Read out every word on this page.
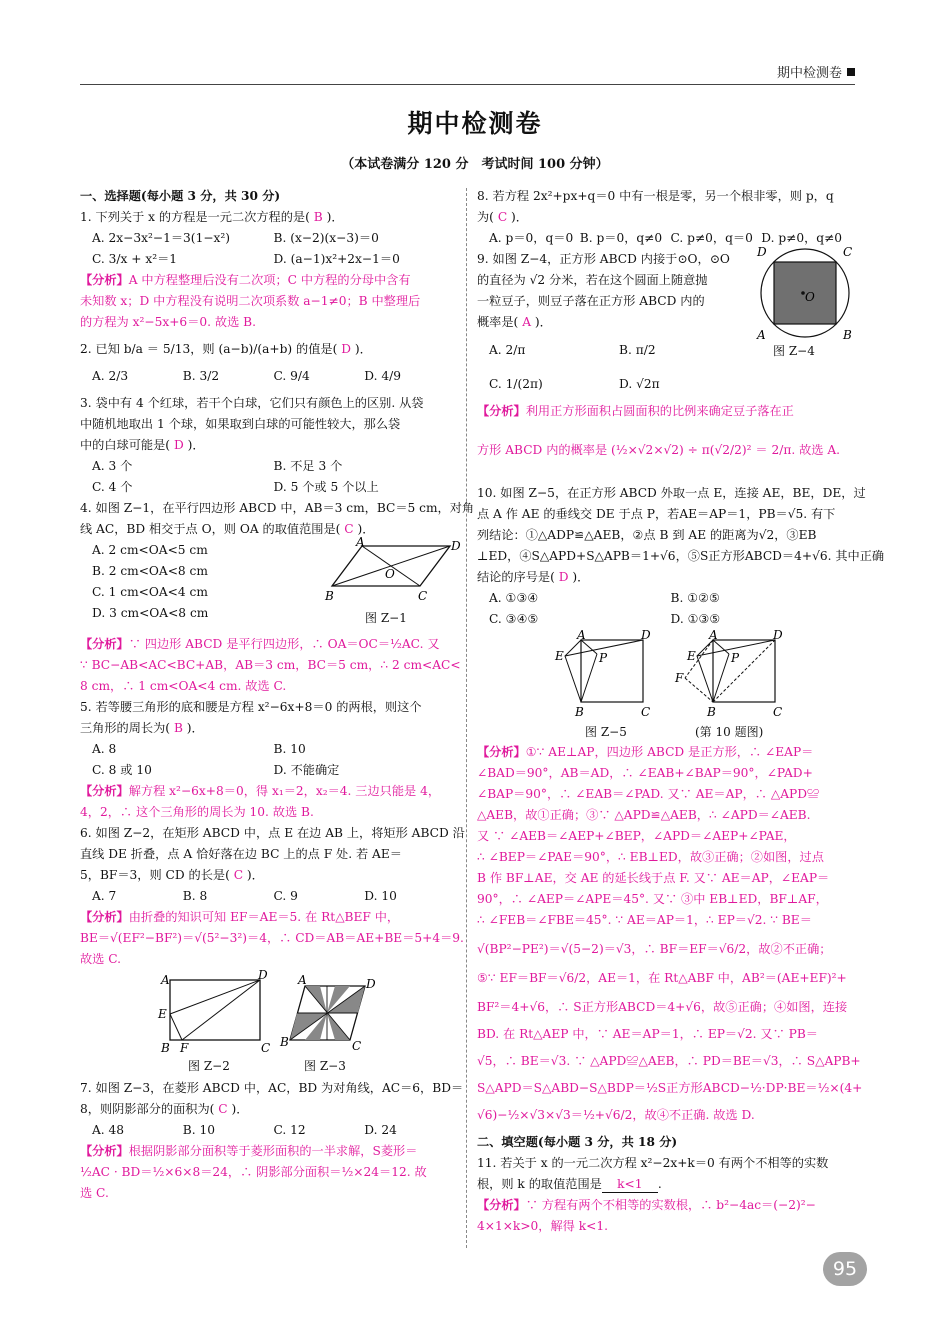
期中检测卷
期中检测卷
（本试卷满分 120 分　考试时间 100 分钟）
一、选择题(每小题 3 分，共 30 分)
1. 下列关于 x 的方程是一元二次方程的是( B )．
A. 2x−3x²−1＝3(1−x²)	B. (x−2)(x−3)＝0
C. 3/x + x²＝1	D. (a−1)x²+2x−1＝0
【分析】A 中方程整理后没有二次项；C 中方程的分母中含有
未知数 x；D 中方程没有说明二次项系数 a−1≠0；B 中整理后
的方程为 x²−5x+6＝0. 故选 B.
2. 已知 b/a ＝ 5/13，则 (a−b)/(a+b) 的值是( D )．
A. 2/3	B. 3/2	C. 9/4	D. 4/9
3. 袋中有 4 个红球，若干个白球，它们只有颜色上的区别. 从袋
中随机地取出 1 个球，如果取到白球的可能性较大，那么袋
中的白球可能是( D )．
A. 3 个	B. 不足 3 个
C. 4 个	D. 5 个或 5 个以上
4. 如图 Z−1，在平行四边形 ABCD 中，AB＝3 cm，BC＝5 cm，对角
线 AC，BD 相交于点 O，则 OA 的取值范围是( C )．
A. 2 cm<OA<5 cm
B. 2 cm<OA<8 cm
C. 1 cm<OA<4 cm
D. 3 cm<OA<8 cm
A	D
B	C
O
图 Z−1
【分析】∵ 四边形 ABCD 是平行四边形，∴ OA＝OC＝½AC. 又
∵ BC−AB<AC<BC+AB，AB＝3 cm，BC＝5 cm，∴ 2 cm<AC<
8 cm，∴ 1 cm<OA<4 cm. 故选 C.
5. 若等腰三角形的底和腰是方程 x²−6x+8＝0 的两根，则这个
三角形的周长为( B )．
A. 8	B. 10
C. 8 或 10	D. 不能确定
【分析】解方程 x²−6x+8＝0，得 x₁＝2，x₂＝4. 三边只能是 4，
4，2，∴ 这个三角形的周长为 10. 故选 B.
6. 如图 Z−2，在矩形 ABCD 中，点 E 在边 AB 上，将矩形 ABCD 沿
直线 DE 折叠，点 A 恰好落在边 BC 上的点 F 处. 若 AE＝
5，BF＝3，则 CD 的长是( C )．
A. 7	B. 8	C. 9	D. 10
【分析】由折叠的知识可知 EF＝AE＝5. 在 Rt△BEF 中，
BE＝√(EF²−BF²)＝√(5²−3²)＝4，∴ CD＝AB＝AE+BE＝5+4＝9.
故选 C.
A	D
E
B F	C
图 Z−2
A	D
B	C
图 Z−3
7. 如图 Z−3，在菱形 ABCD 中，AC，BD 为对角线，AC＝6，BD＝
8，则阴影部分的面积为( C )．
A. 48	B. 10	C. 12	D. 24
【分析】根据阴影部分面积等于菱形面积的一半求解，S菱形＝
½AC · BD＝½×6×8＝24，∴ 阴影部分面积＝½×24＝12. 故
选 C.
8. 若方程 2x²+px+q＝0 中有一根是零，另一个根非零，则 p，q
为( C )．
A. p＝0，q＝0 B. p＝0，q≠0 C. p≠0，q＝0 D. p≠0，q≠0
9. 如图 Z−4，正方形 ABCD 内接于⊙O，⊙O
的直径为 √2 分米，若在这个圆面上随意抛
一粒豆子，则豆子落在正方形 ABCD 内的
概率是( A )．
A. 2/π	B. π/2
C. 1/(2π)	D. √2π
O
D	C
A	B
图 Z−4
【分析】利用正方形面积占圆面积的比例来确定豆子落在正
方形 ABCD 内的概率是 (½×√2×√2) ÷ π(√2/2)² ＝ 2/π. 故选 A.
10. 如图 Z−5，在正方形 ABCD 外取一点 E，连接 AE，BE，DE，过
点 A 作 AE 的垂线交 DE 于点 P，若AE＝AP＝1，PB＝√5. 有下
列结论：①△ADP≌△AEB，②点 B 到 AE 的距离为√2，③EB
⊥ED，④S△APD+S△APB＝1+√6，⑤S正方形ABCD＝4+√6. 其中正确
结论的序号是( D )．
A. ①③④	B. ①②⑤
C. ③④⑤	D. ①③⑤
A	D
E	P
B	C
图 Z−5
A	D
E	P
F
B	C
(第 10 题图)
【分析】①∵ AE⊥AP，四边形 ABCD 是正方形，∴ ∠EAP＝
∠BAD＝90°，AB＝AD，∴ ∠EAB+∠BAP＝90°，∠PAD+
∠BAP＝90°，∴ ∠EAB＝∠PAD. 又∵ AE＝AP，∴ △APD≌
△AEB，故①正确；③∵ △APD≌△AEB，∴ ∠APD＝∠AEB.
又 ∵ ∠AEB＝∠AEP+∠BEP，∠APD＝∠AEP+∠PAE，
∴ ∠BEP＝∠PAE＝90°，∴ EB⊥ED，故③正确；②如图，过点
B 作 BF⊥AE，交 AE 的延长线于点 F. 又∵ AE＝AP，∠EAP＝
90°，∴ ∠AEP＝∠APE＝45°. 又∵ ③中 EB⊥ED，BF⊥AF，
∴ ∠FEB＝∠FBE＝45°. ∵ AE＝AP＝1，∴ EP＝√2. ∵ BE＝
√(BP²−PE²)＝√(5−2)＝√3，∴ BF＝EF＝√6/2，故②不正确；
⑤∵ EF＝BF＝√6/2，AE＝1，在 Rt△ABF 中，AB²＝(AE+EF)²+
BF²＝4+√6，∴ S正方形ABCD＝4+√6，故⑤正确；④如图，连接
BD. 在 Rt△AEP 中，∵ AE＝AP＝1，∴ EP＝√2. 又∵ PB＝
√5，∴ BE＝√3. ∵ △APD≌△AEB，∴ PD＝BE＝√3，∴ S△APB+
S△APD＝S△ABD−S△BDP＝½S正方形ABCD−½·DP·BE＝½×(4+
√6)−½×√3×√3＝½+√6/2，故④不正确. 故选 D.
二、填空题(每小题 3 分，共 18 分)
11. 若关于 x 的一元二次方程 x²−2x+k＝0 有两个不相等的实数
根，则 k 的取值范围是 k<1 .
【分析】∵ 方程有两个不相等的实数根，∴ b²−4ac＝(−2)²−
4×1×k>0，解得 k<1.
95
